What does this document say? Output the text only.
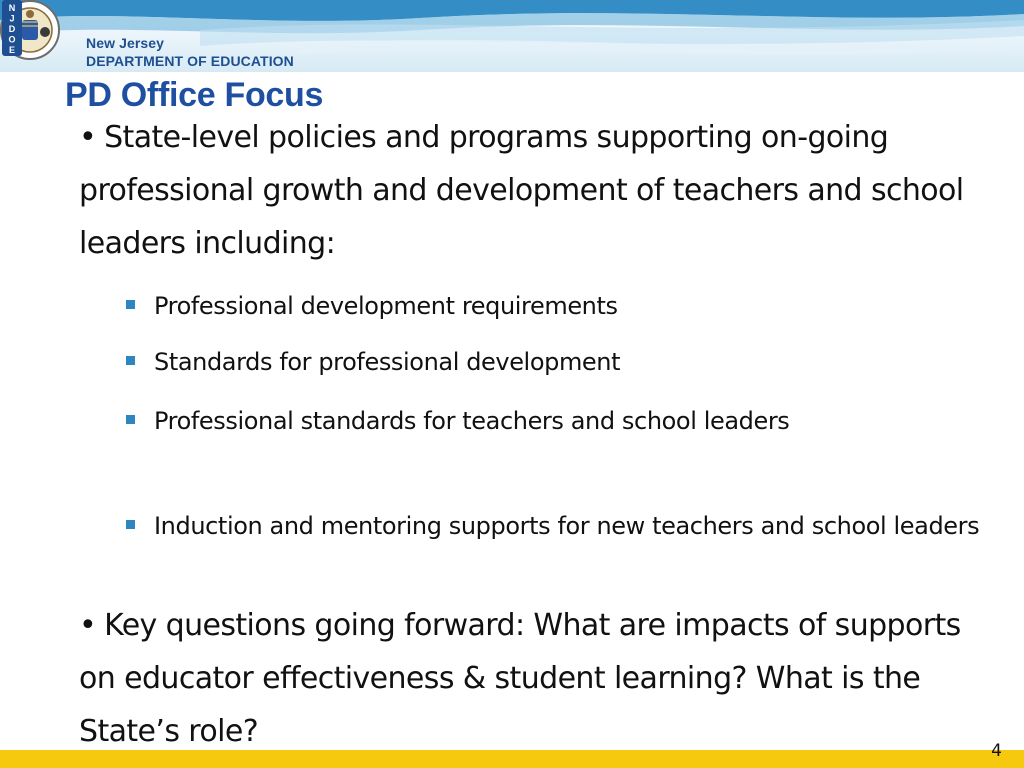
N J D O E	New Jersey
DEPARTMENT OF EDUCATION
PD Office Focus

• State-level policies and programs supporting on-going professional growth and development of teachers and school leaders including:

Professional development requirements
Standards for professional development
Professional standards for teachers and school leaders
Induction and mentoring supports for new teachers and school leaders

• Key questions going forward: What are impacts of supports on educator effectiveness & student learning? What is the State’s role?

4
